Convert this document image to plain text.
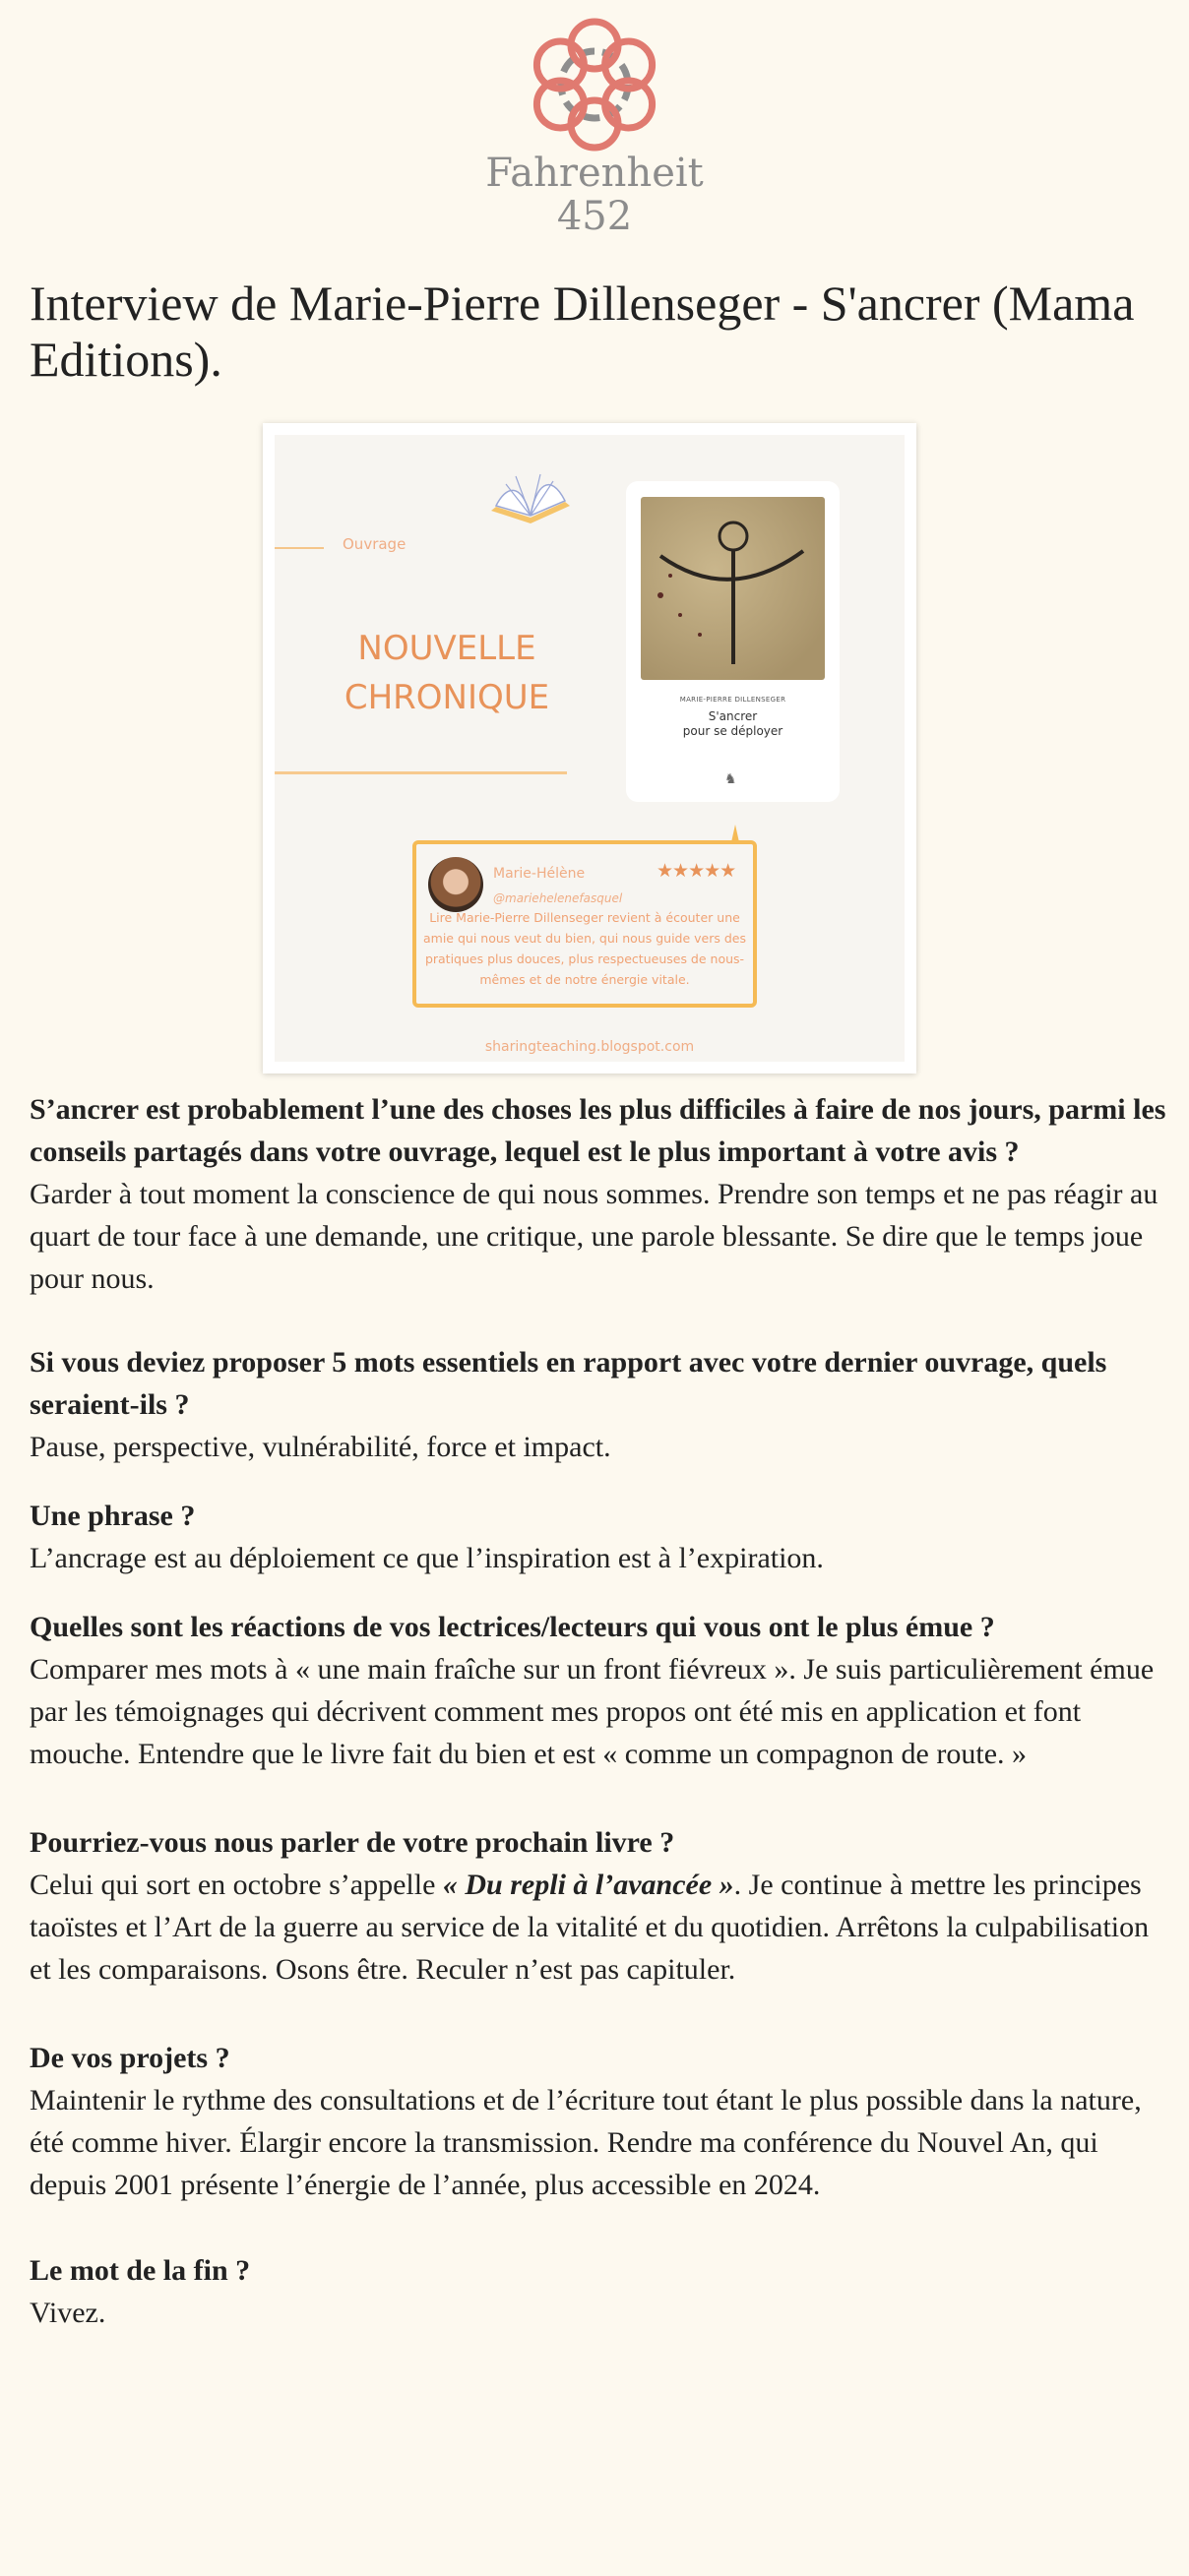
Fahrenheit
452
Interview de Marie-Pierre Dillenseger - S'ancrer (Mama Editions).
Ouvrage
NOUVELLE
CHRONIQUE	MARIE-PIERRE DILLENSEGER
S'ancrer
pour se déployer
♞
Marie-Hélène	★★★★★
@mariehelenefasquel
Lire Marie-Pierre Dillenseger revient à écouter une amie qui nous veut du bien, qui nous guide vers des pratiques plus douces, plus respectueuses de nous-mêmes et de notre énergie vitale.
sharingteaching.blogspot.com

S’ancrer est probablement l’une des choses les plus difficiles à faire de nos jours, parmi les conseils partagés dans votre ouvrage, lequel est le plus important à votre avis ?

Garder à tout moment la conscience de qui nous sommes. Prendre son temps et ne pas réagir au quart de tour face à une demande, une critique, une parole blessante. Se dire que le temps joue pour nous.

Si vous deviez proposer 5 mots essentiels en rapport avec votre dernier ouvrage, quels seraient-ils ?

Pause, perspective, vulnérabilité, force et impact.

Une phrase ?

L’ancrage est au déploiement ce que l’inspiration est à l’expiration.

Quelles sont les réactions de vos lectrices/lecteurs qui vous ont le plus émue ?

Comparer mes mots à « une main fraîche sur un front fiévreux ». Je suis particulièrement émue par les témoignages qui décrivent comment mes propos ont été mis en application et font mouche. Entendre que le livre fait du bien et est « comme un compagnon de route. »

Pourriez-vous nous parler de votre prochain livre ?

Celui qui sort en octobre s’appelle « Du repli à l’avancée ». Je continue à mettre les principes taoïstes et l’Art de la guerre au service de la vitalité et du quotidien. Arrêtons la culpabilisation et les comparaisons. Osons être. Reculer n’est pas capituler.

De vos projets ?

Maintenir le rythme des consultations et de l’écriture tout étant le plus possible dans la nature, été comme hiver. Élargir encore la transmission. Rendre ma conférence du Nouvel An, qui depuis 2001 présente l’énergie de l’année, plus accessible en 2024.

Le mot de la fin ?

Vivez.
